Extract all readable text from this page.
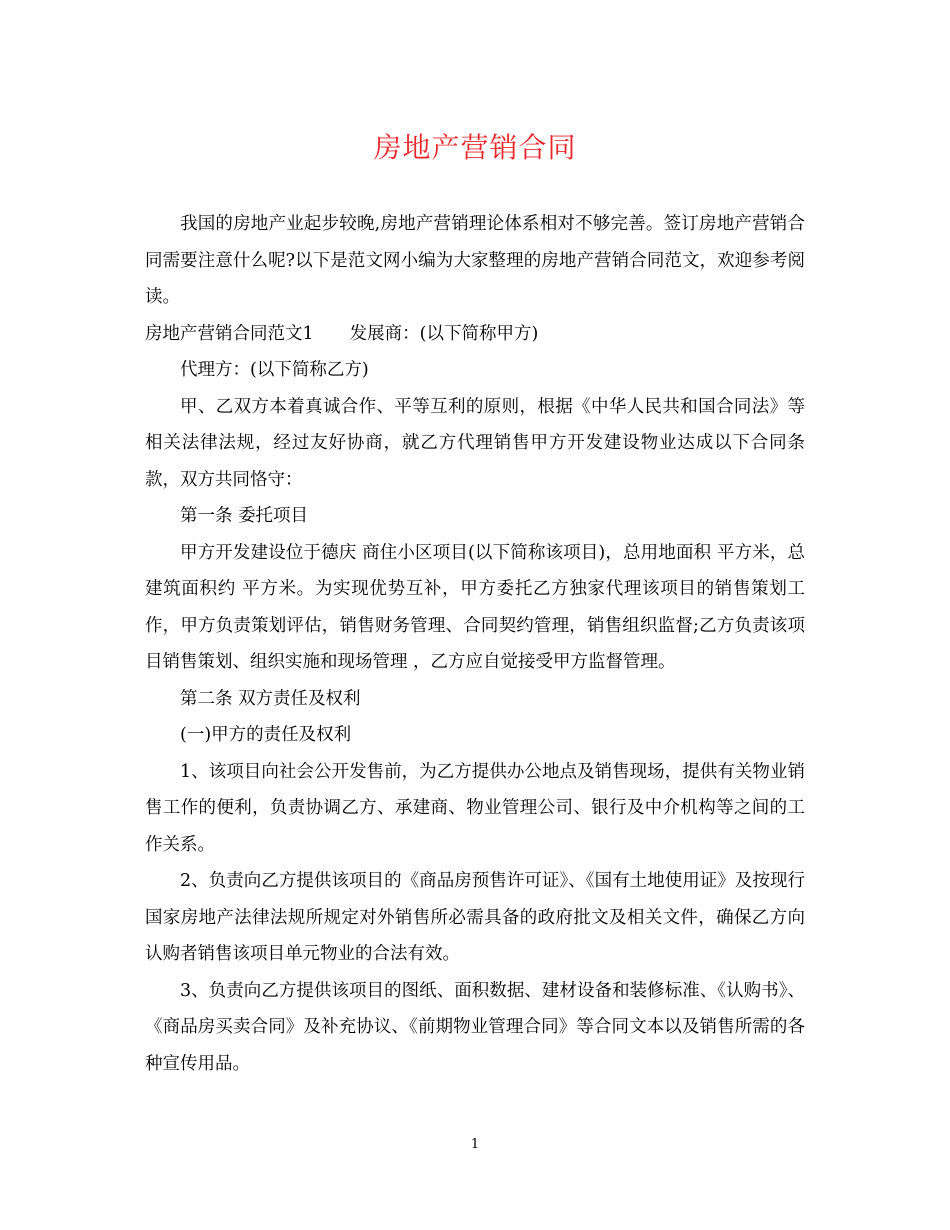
房地产营销合同

我国的房地产业起步较晚,房地产营销理论体系相对不够完善。签订房地产营销合同需要注意什么呢?以下是范文网小编为大家整理的房地产营销合同范文，欢迎参考阅读。

房地产营销合同范文1 发展商：(以下简称甲方)

代理方：(以下简称乙方)

甲、乙双方本着真诚合作、平等互利的原则，根据《中华人民共和国合同法》等相关法律法规，经过友好协商，就乙方代理销售甲方开发建设物业达成以下合同条款，双方共同恪守：

第一条 委托项目

甲方开发建设位于德庆 商住小区项目(以下简称该项目)，总用地面积 平方米，总建筑面积约 平方米。为实现优势互补，甲方委托乙方独家代理该项目的销售策划工作，甲方负责策划评估，销售财务管理、合同契约管理，销售组织监督;乙方负责该项目销售策划、组织实施和现场管理 ，乙方应自觉接受甲方监督管理。

第二条 双方责任及权利

(一)甲方的责任及权利

1、该项目向社会公开发售前，为乙方提供办公地点及销售现场，提供有关物业销售工作的便利，负责协调乙方、承建商、物业管理公司、银行及中介机构等之间的工作关系。

2、负责向乙方提供该项目的《商品房预售许可证》、《国有土地使用证》及按现行国家房地产法律法规所规定对外销售所必需具备的政府批文及相关文件，确保乙方向认购者销售该项目单元物业的合法有效。

3、负责向乙方提供该项目的图纸、面积数据、建材设备和装修标准、《认购书》、《商品房买卖合同》及补充协议、《前期物业管理合同》等合同文本以及销售所需的各种宣传用品。

1
